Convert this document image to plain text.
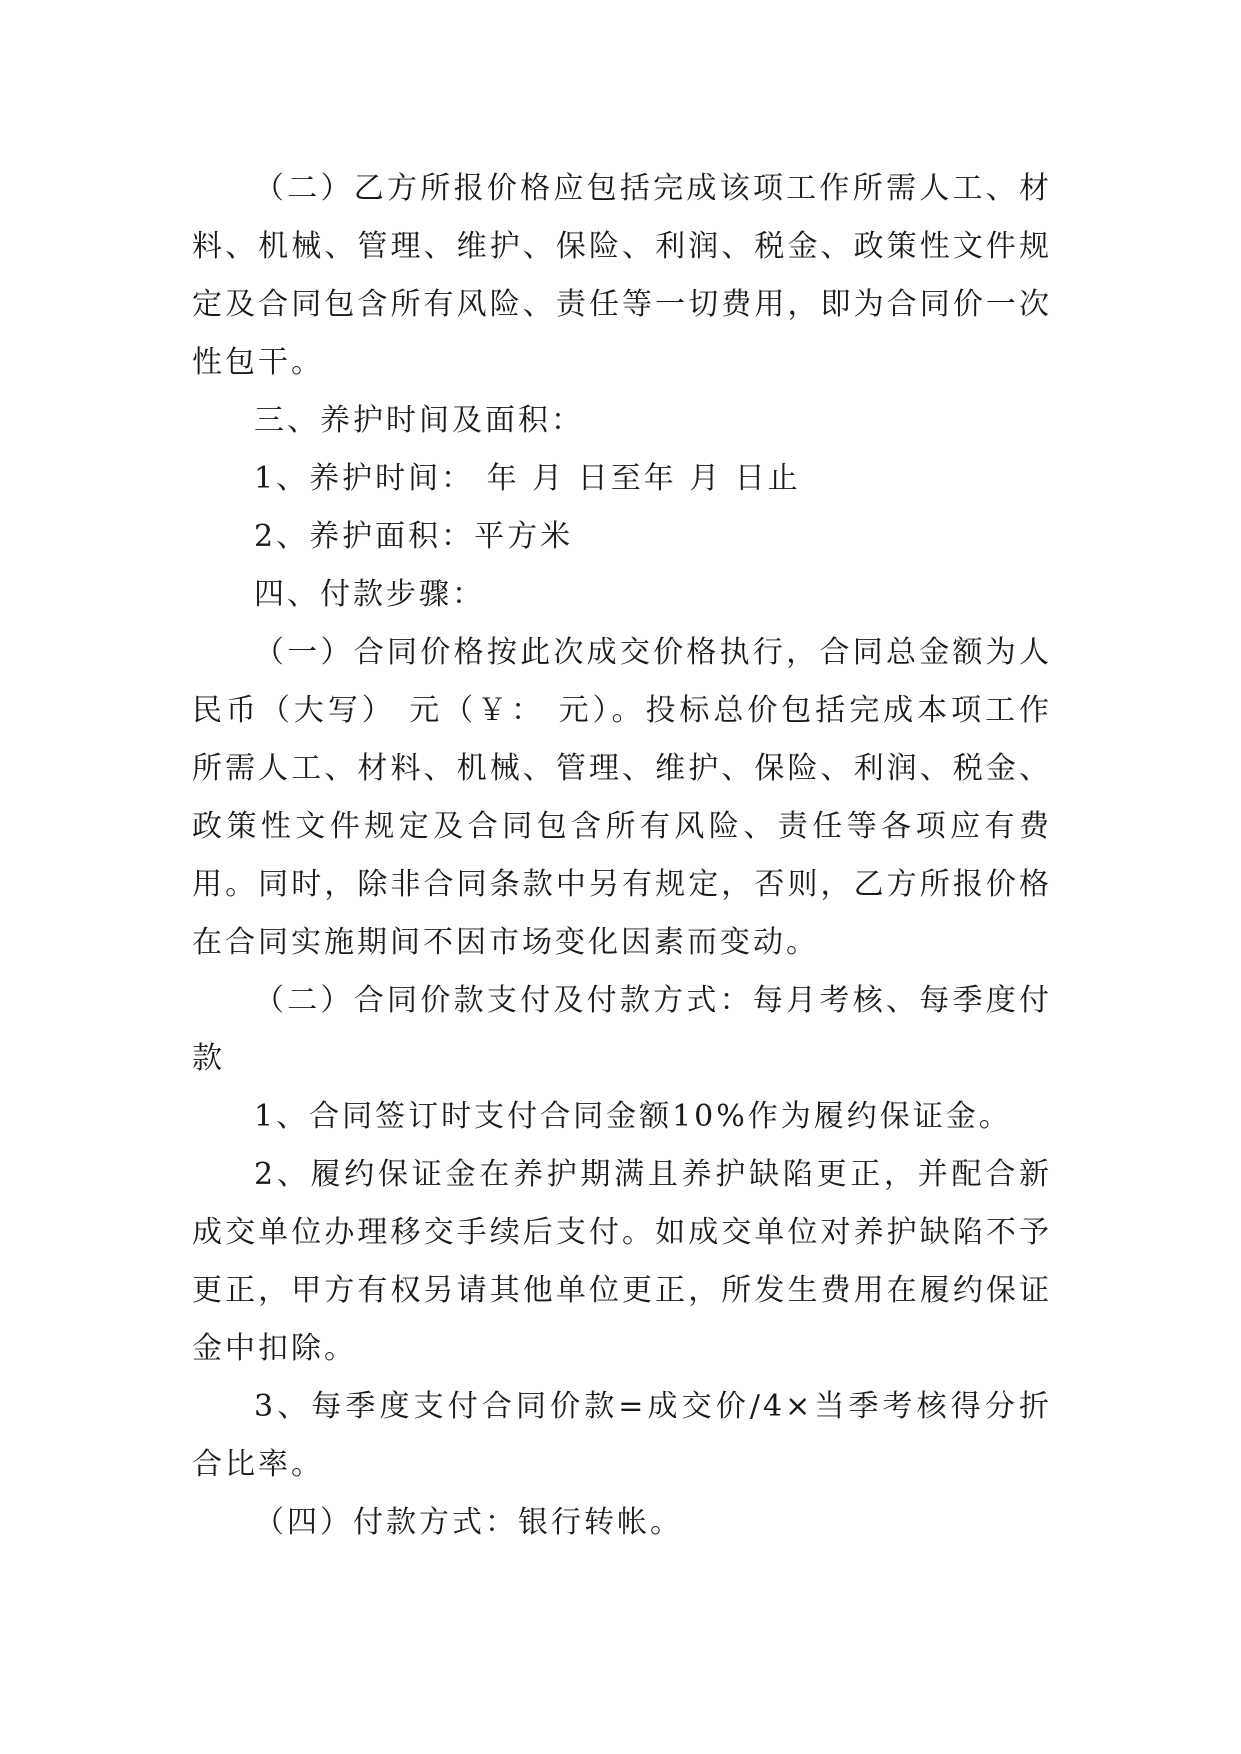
（二）乙方所报价格应包括完成该项工作所需人工、材料、机械、管理、维护、保险、利润、税金、政策性文件规定及合同包含所有风险、责任等一切费用，即为合同价一次性包干。

三、养护时间及面积：

1、养护时间： 年 月 日至年 月 日止

2、养护面积：平方米

四、付款步骤：

（一）合同价格按此次成交价格执行，合同总金额为人民币（大写） 元（￥： 元）。投标总价包括完成本项工作所需人工、材料、机械、管理、维护、保险、利润、税金、政策性文件规定及合同包含所有风险、责任等各项应有费用。同时，除非合同条款中另有规定，否则，乙方所报价格在合同实施期间不因市场变化因素而变动。

（二）合同价款支付及付款方式：每月考核、每季度付款

1、合同签订时支付合同金额10%作为履约保证金。

2、履约保证金在养护期满且养护缺陷更正，并配合新成交单位办理移交手续后支付。如成交单位对养护缺陷不予更正，甲方有权另请其他单位更正，所发生费用在履约保证金中扣除。

3、每季度支付合同价款=成交价/4×当季考核得分折合比率。

（四）付款方式：银行转帐。
